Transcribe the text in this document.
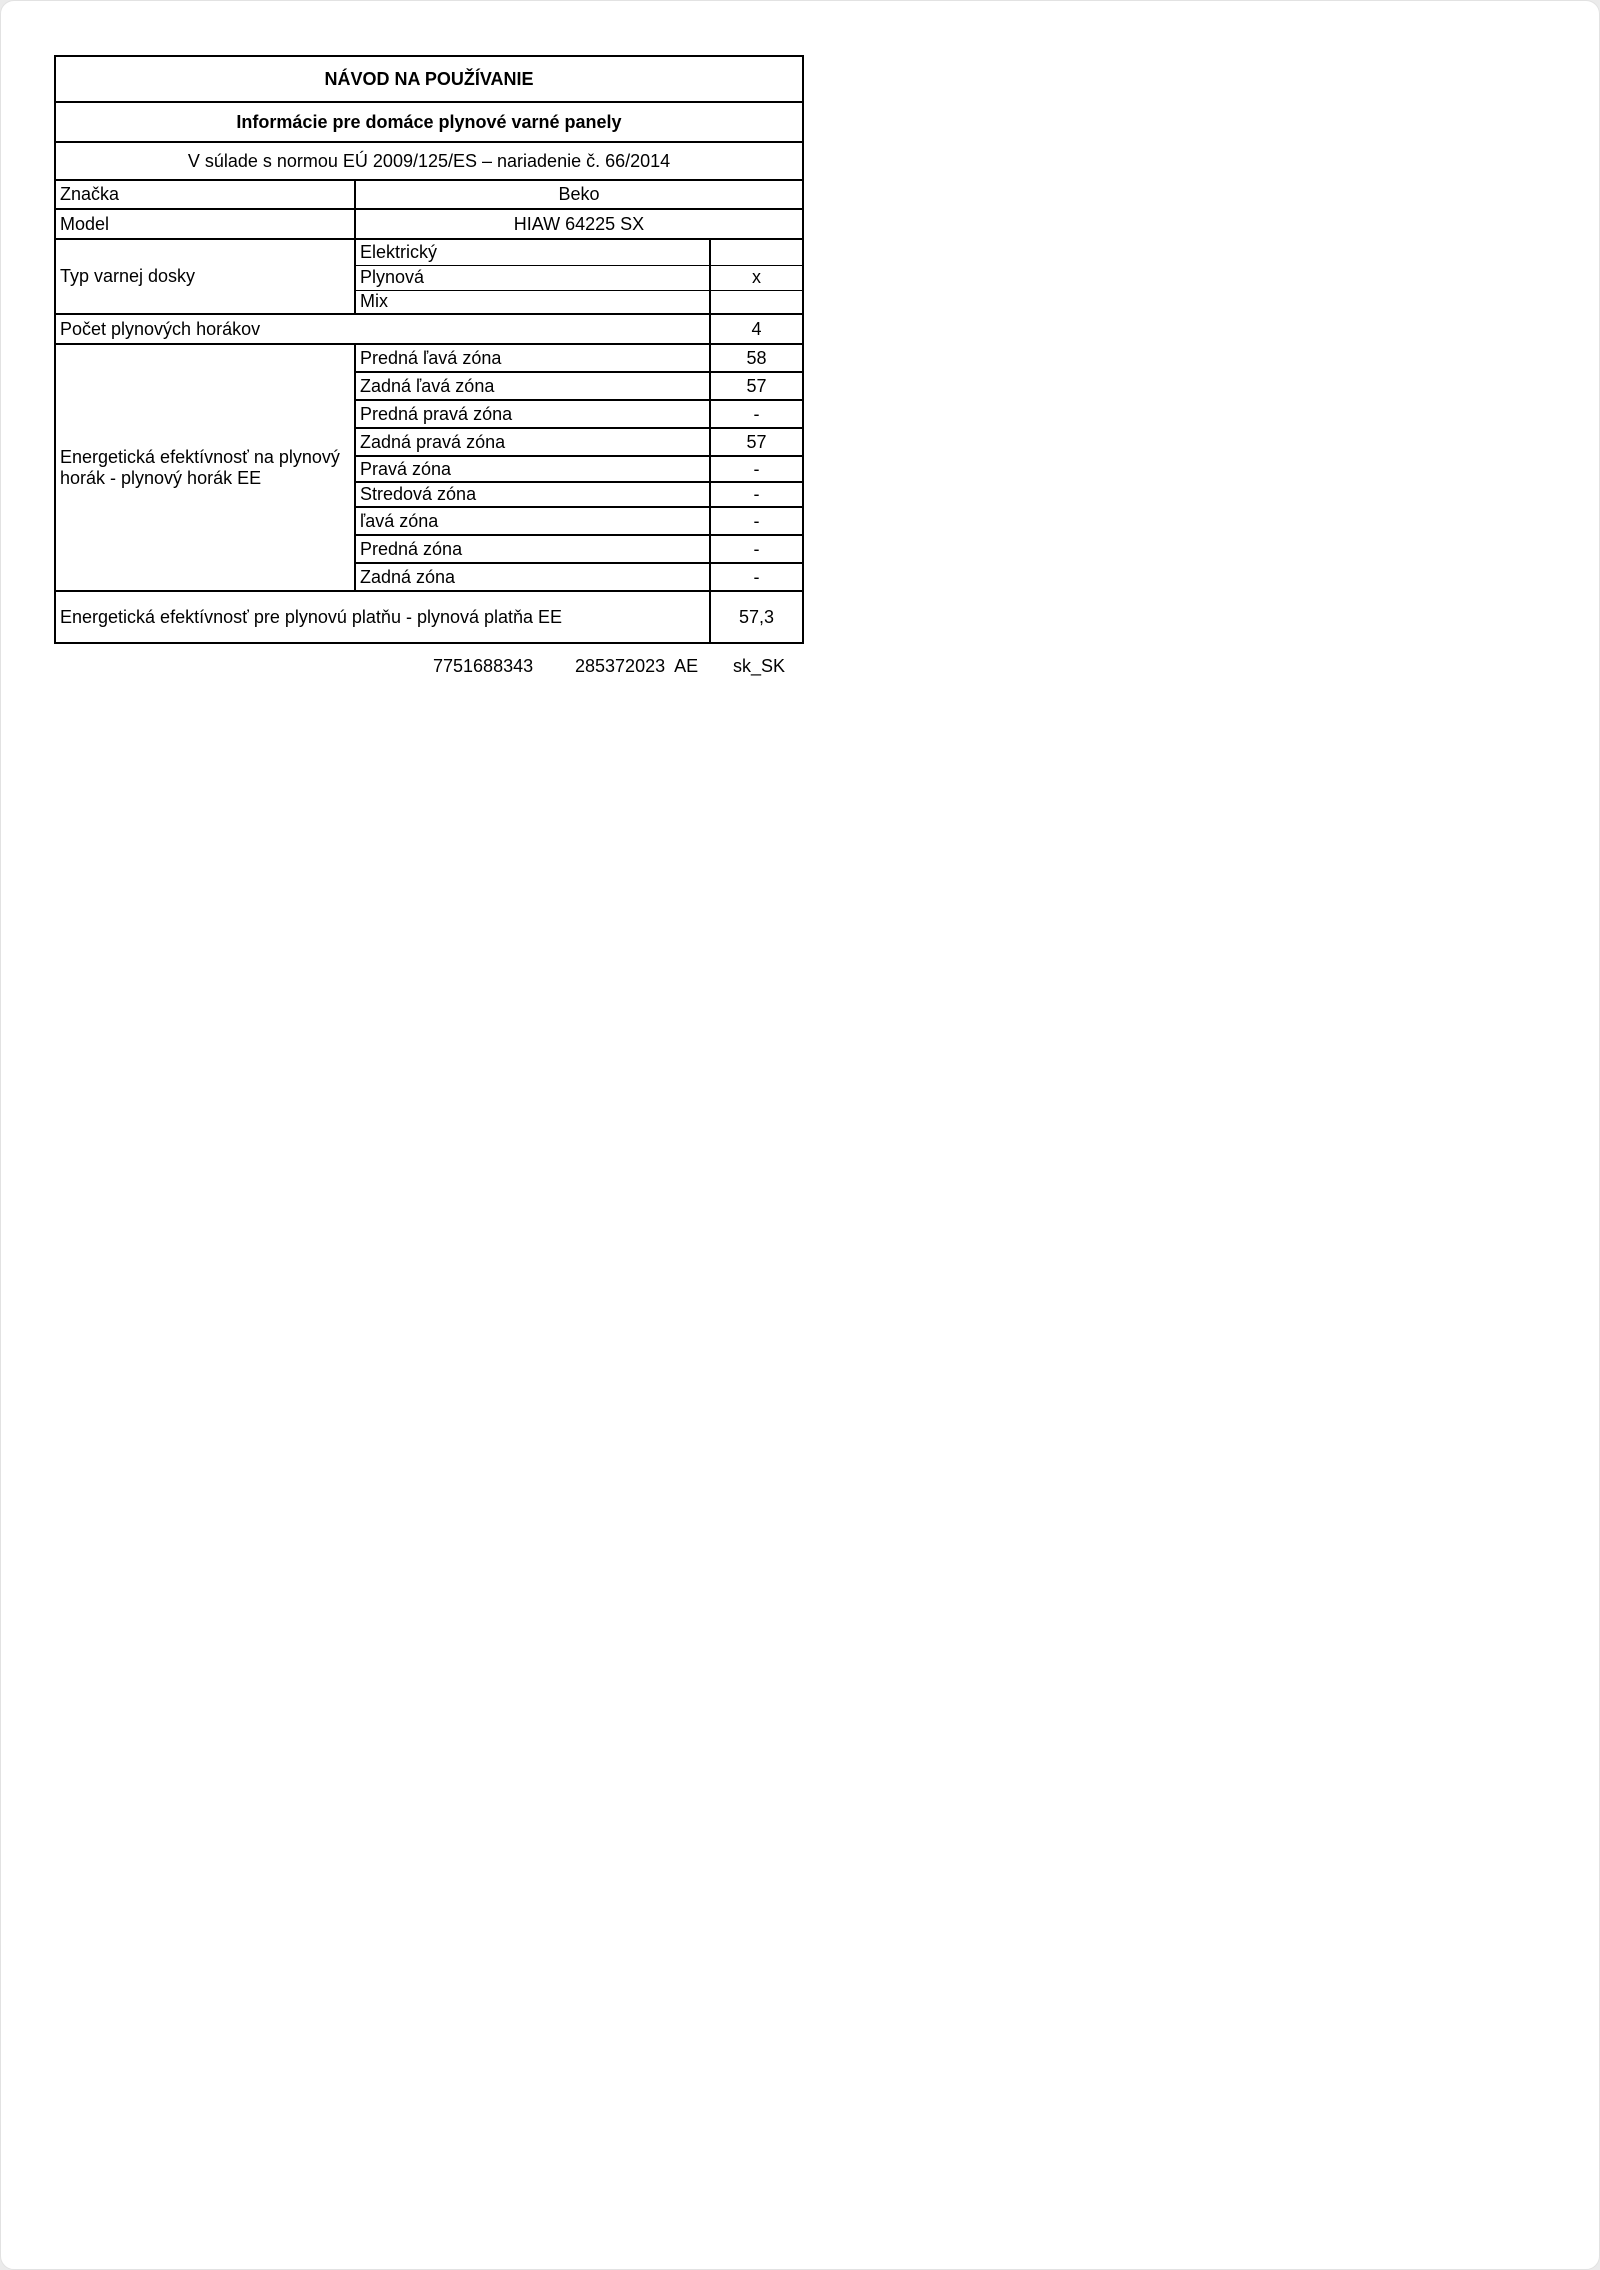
NÁVOD NA POUŽÍVANIE		
Informácie pre domáce plynové varné panely		
V súlade s normou EÚ 2009/125/ES – nariadenie č. 66/2014		
Značka	Beko	
Model	HIAW 64225 SX	
Typ varnej dosky	Elektrický	
	Plynová	x
	Mix	
Počet plynových horákov		4
Energetická efektívnosť na plynový horák - plynový horák EE	Predná ľavá zóna	58
	Zadná ľavá zóna	57
	Predná pravá zóna	-
	Zadná pravá zóna	57
	Pravá zóna	-
	Stredová zóna	-
	ľavá zóna	-
	Predná zóna	-
	Zadná zóna	-
Energetická efektívnosť pre plynovú platňu - plynová platňa EE		57,3
7751688343 285372023  AE sk_SK
